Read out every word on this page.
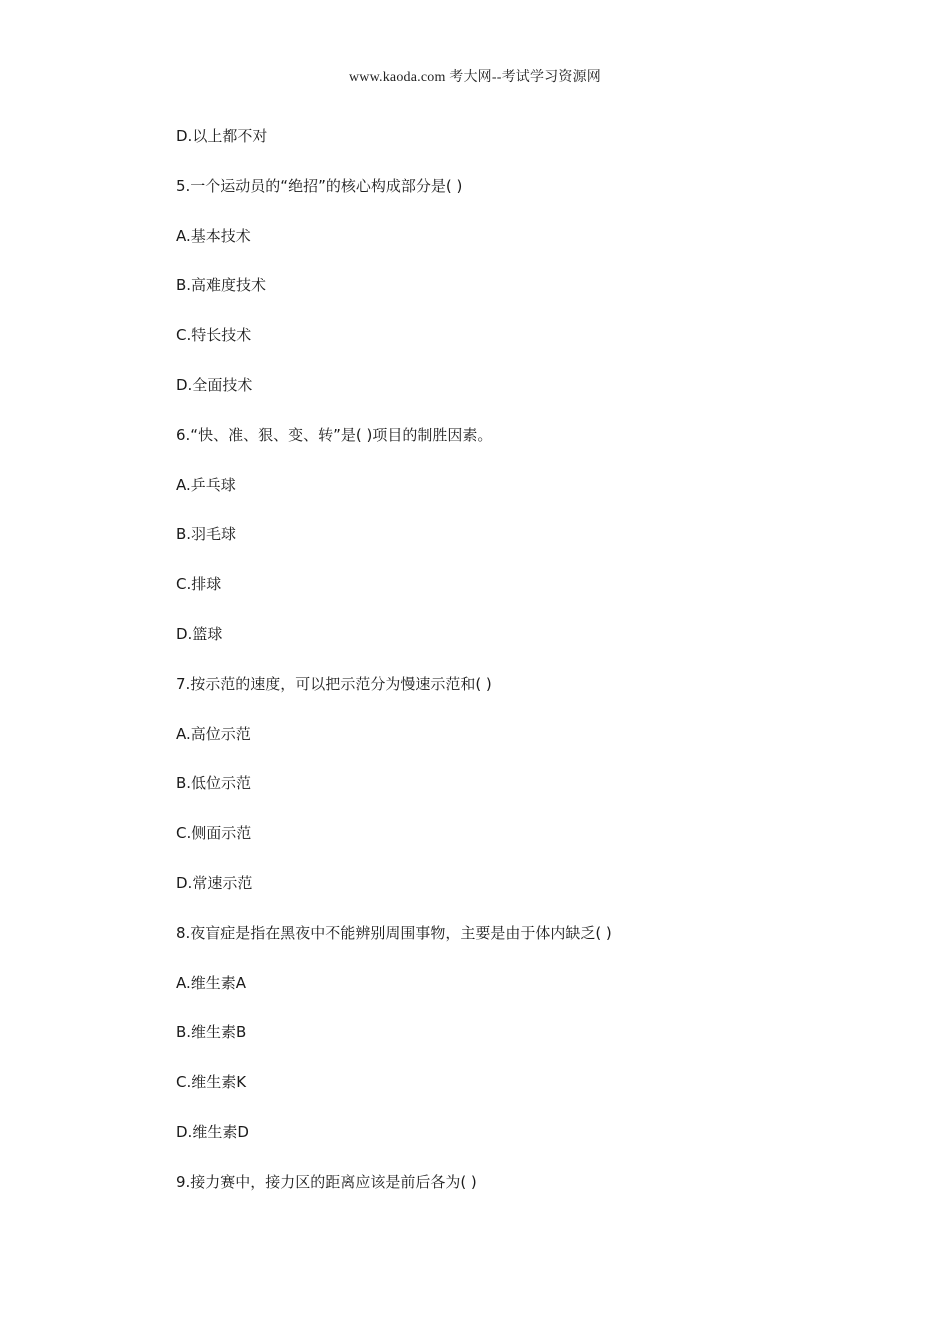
www.kaoda.com 考大网--考试学习资源网
D.以上都不对
5.一个运动员的“绝招”的核心构成部分是( )
A.基本技术
B.高难度技术
C.特长技术
D.全面技术
6.“快、准、狠、变、转”是( )项目的制胜因素。
A.乒乓球
B.羽毛球
C.排球
D.篮球
7.按示范的速度，可以把示范分为慢速示范和( )
A.高位示范
B.低位示范
C.侧面示范
D.常速示范
8.夜盲症是指在黑夜中不能辨别周围事物，主要是由于体内缺乏( )
A.维生素A
B.维生素B
C.维生素K
D.维生素D
9.接力赛中，接力区的距离应该是前后各为( )
